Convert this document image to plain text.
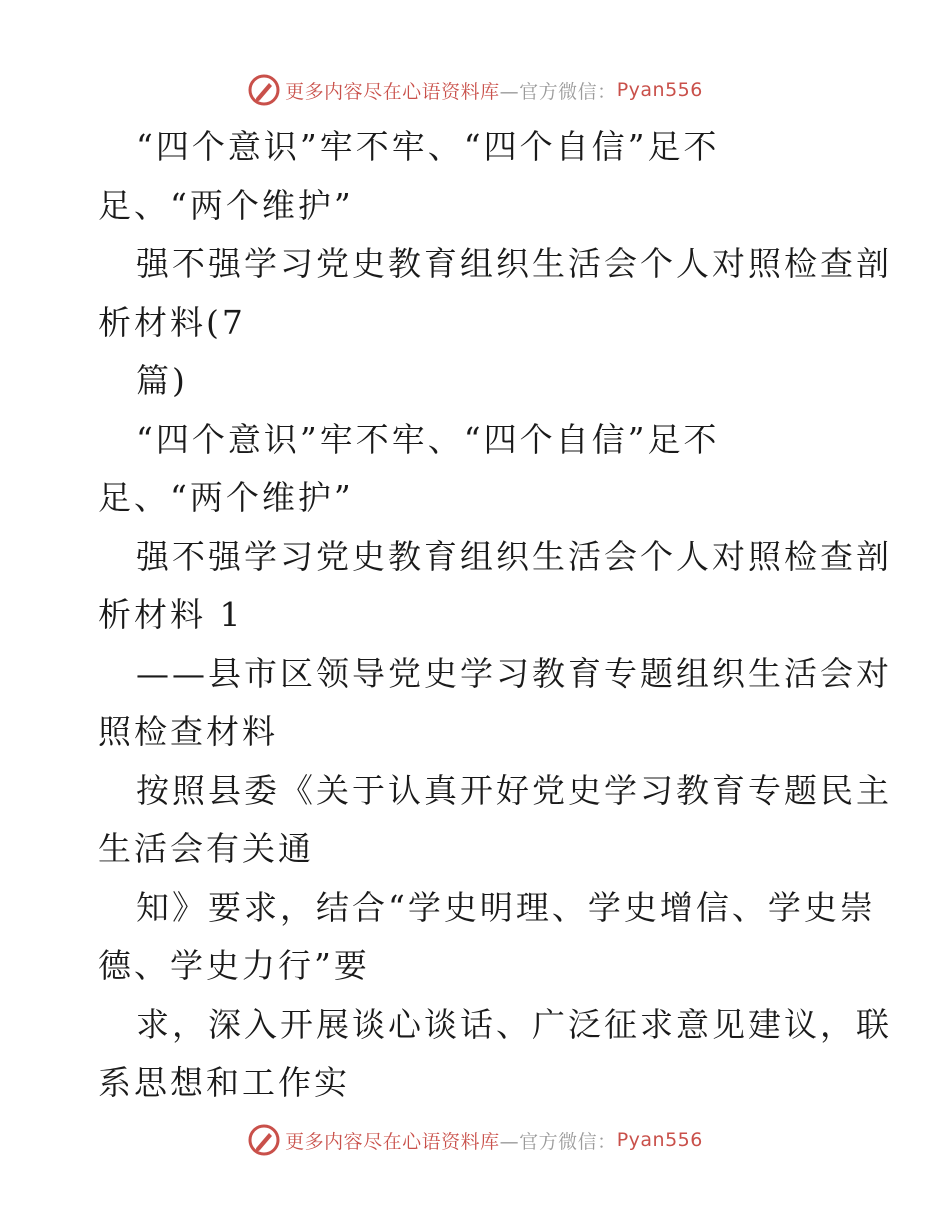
更多内容尽在心语资料库 —官方微信： Pyan556
“四个意识”牢不牢、“四个自信”足不
足、“两个维护”
强不强学习党史教育组织生活会个人对照检查剖
析材料(7
篇)
“四个意识”牢不牢、“四个自信”足不
足、“两个维护”
强不强学习党史教育组织生活会个人对照检查剖
析材料 1
——县市区领导党史学习教育专题组织生活会对
照检查材料
按照县委《关于认真开好党史学习教育专题民主
生活会有关通
知》要求，结合“学史明理、学史增信、学史崇
德、学史力行”要
求，深入开展谈心谈话、广泛征求意见建议，联
系思想和工作实
更多内容尽在心语资料库 —官方微信： Pyan556
